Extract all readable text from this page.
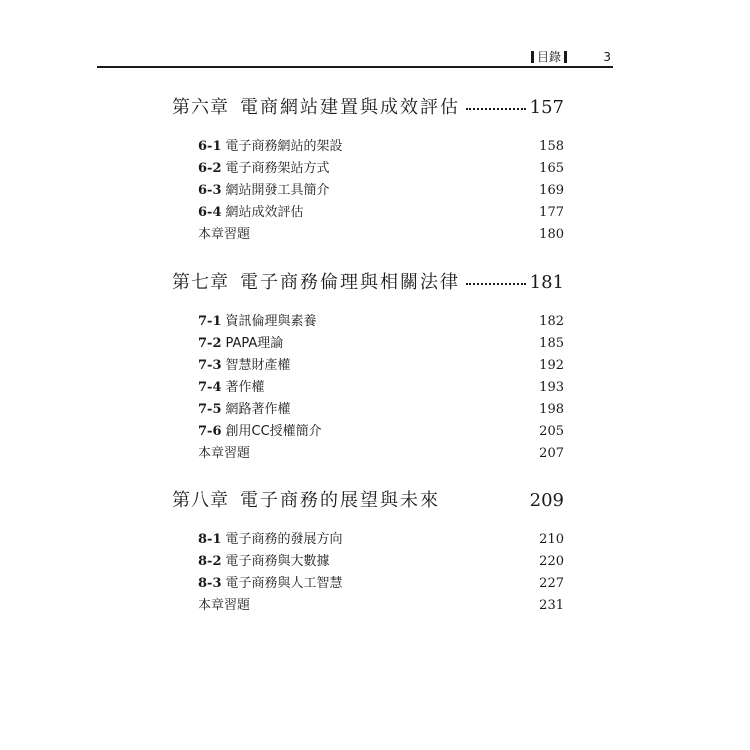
目錄	3
第六章 電商網站建置與成效評估	157
6-1 電子商務網站的架設	158
6-2 電子商務架站方式	165
6-3 網站開發工具簡介	169
6-4 網站成效評估	177
本章習題	180
第七章 電子商務倫理與相關法律	181
7-1 資訊倫理與素養	182
7-2 PAPA理論	185
7-3 智慧財產權	192
7-4 著作權	193
7-5 網路著作權	198
7-6 創用CC授權簡介	205
本章習題	207
第八章 電子商務的展望與未來	209
8-1 電子商務的發展方向	210
8-2 電子商務與大數據	220
8-3 電子商務與人工智慧	227
本章習題	231
